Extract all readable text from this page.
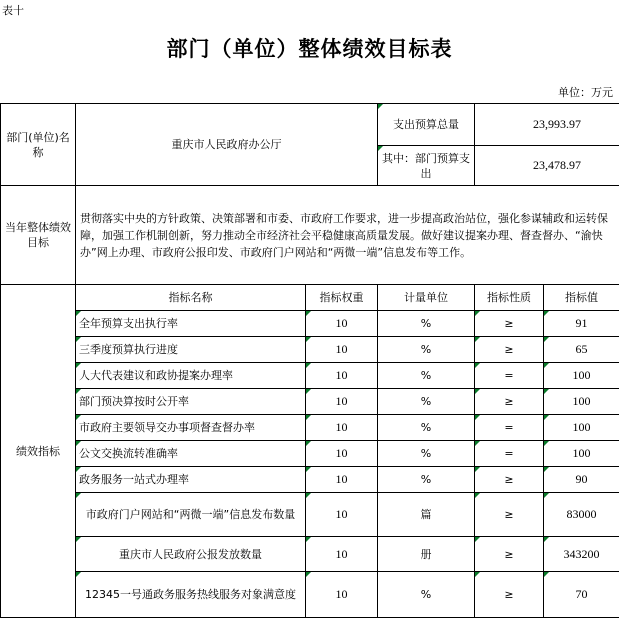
表十
部门（单位）整体绩效目标表
单位：万元
部门(单位)名称	重庆市人民政府办公厅		支出预算总量	23,993.97	
			其中：部门预算支出	23,478.97	
当年整体绩效目标	贯彻落实中央的方针政策、决策部署和市委、市政府工作要求，进一步提高政治站位，强化参谋辅政和运转保障，加强工作机制创新，努力推动全市经济社会平稳健康高质量发展。做好建议提案办理、督查督办、“渝快办”网上办理、市政府公报印发、市政府门户网站和“两微一端”信息发布等工作。				
绩效指标	指标名称	指标权重	计量单位	指标性质	指标值
	全年预算支出执行率	10	%	≥	91
	三季度预算执行进度	10	%	≥	65
	人大代表建议和政协提案办理率	10	%	=	100
	部门预决算按时公开率	10	%	≥	100
	市政府主要领导交办事项督查督办率	10	%	=	100
	公文交换流转准确率	10	%	=	100
	政务服务一站式办理率	10	%	≥	90
	市政府门户网站和“两微一端”信息发布数量	10	篇	≥	83000
	重庆市人民政府公报发放数量	10	册	≥	343200
	12345一号通政务服务热线服务对象满意度	10	%	≥	70
